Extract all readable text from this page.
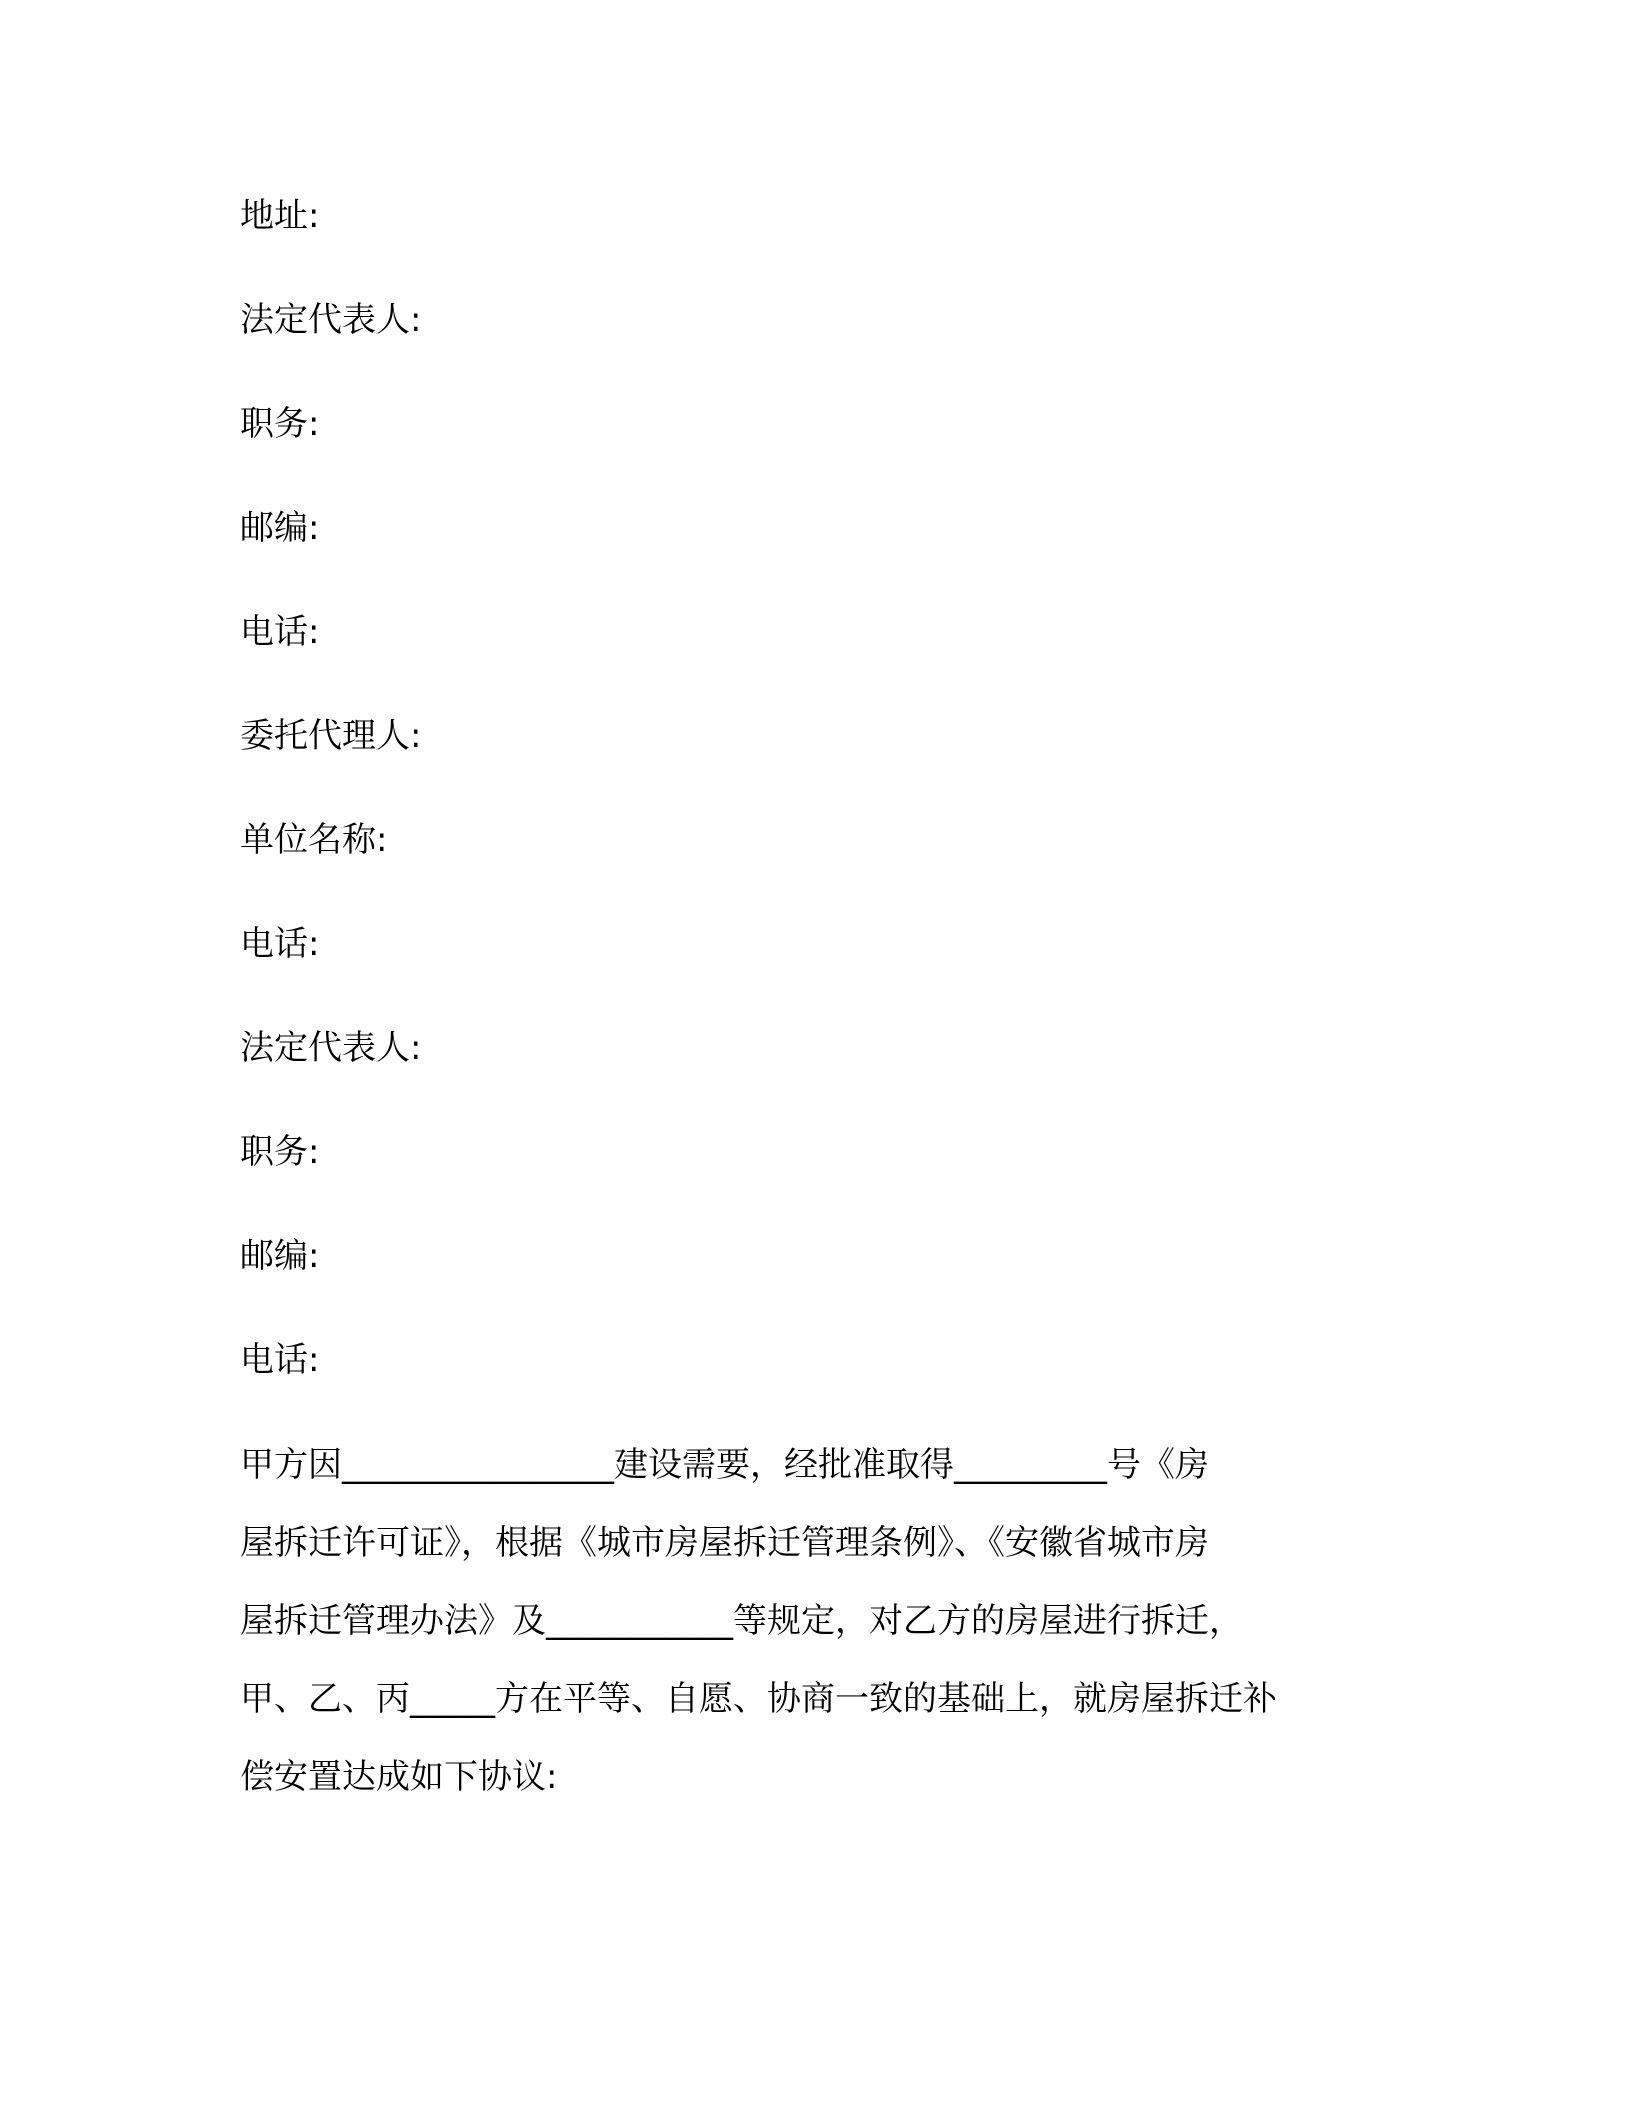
地址:
法定代表人:
职务:
邮编:
电话:
委托代理人:
单位名称:
电话:
法定代表人:
职务:
邮编:
电话:

甲方因________________建设需要，经批准取得_________号《房
屋拆迁许可证》，根据《城市房屋拆迁管理条例》、《安徽省城市房
屋拆迁管理办法》及___________等规定，对乙方的房屋进行拆迁，
甲、乙、丙_____方在平等、自愿、协商一致的基础上，就房屋拆迁补
偿安置达成如下协议:
